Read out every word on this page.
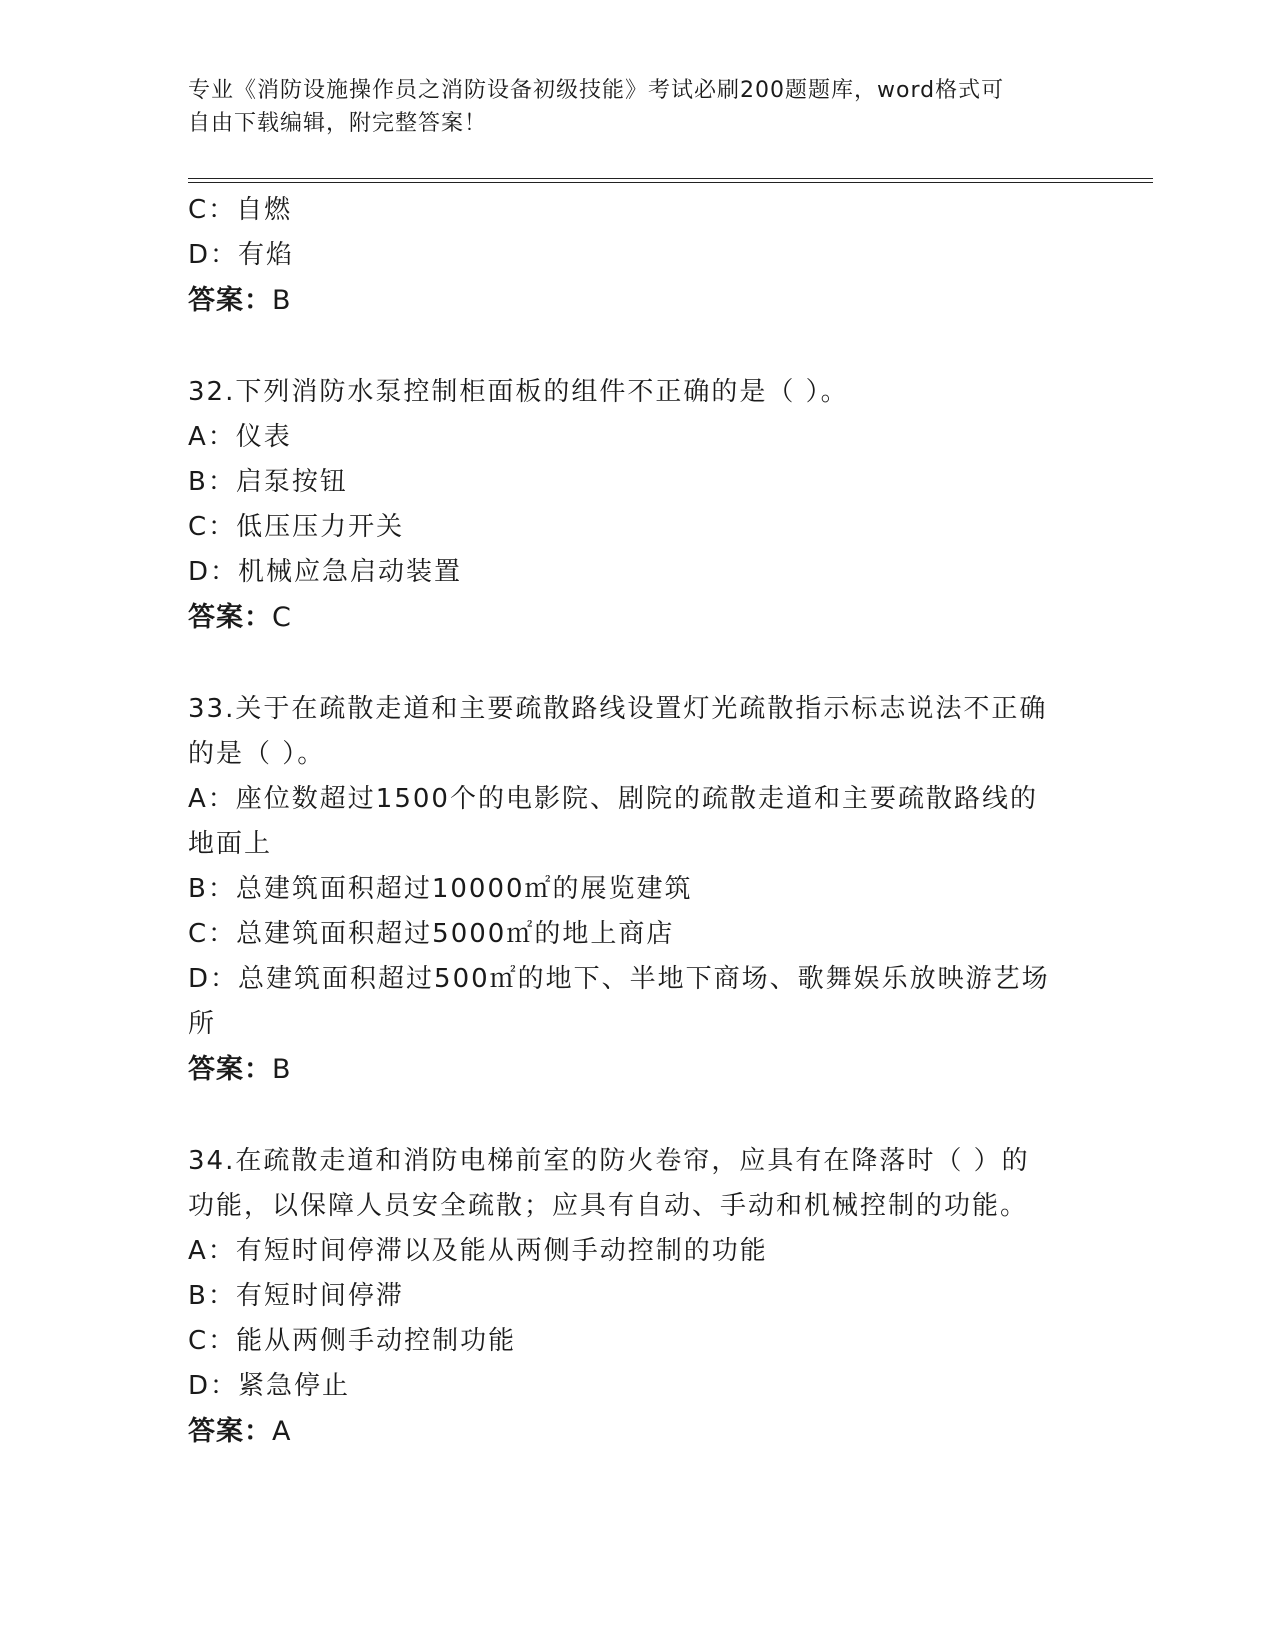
专业《消防设施操作员之消防设备初级技能》考试必刷200题题库，word格式可
自由下载编辑，附完整答案！
C：自燃
D：有焰
答案：B
32.下列消防水泵控制柜面板的组件不正确的是（ ）。
A：仪表
B：启泵按钮
C：低压压力开关
D：机械应急启动装置
答案：C
33.关于在疏散走道和主要疏散路线设置灯光疏散指示标志说法不正确
的是（ ）。
A：座位数超过1500个的电影院、剧院的疏散走道和主要疏散路线的
地面上
B：总建筑面积超过10000㎡的展览建筑
C：总建筑面积超过5000㎡的地上商店
D：总建筑面积超过500㎡的地下、半地下商场、歌舞娱乐放映游艺场
所
答案：B
34.在疏散走道和消防电梯前室的防火卷帘，应具有在降落时（ ）的
功能，以保障人员安全疏散；应具有自动、手动和机械控制的功能。
A：有短时间停滞以及能从两侧手动控制的功能
B：有短时间停滞
C：能从两侧手动控制功能
D：紧急停止
答案：A
